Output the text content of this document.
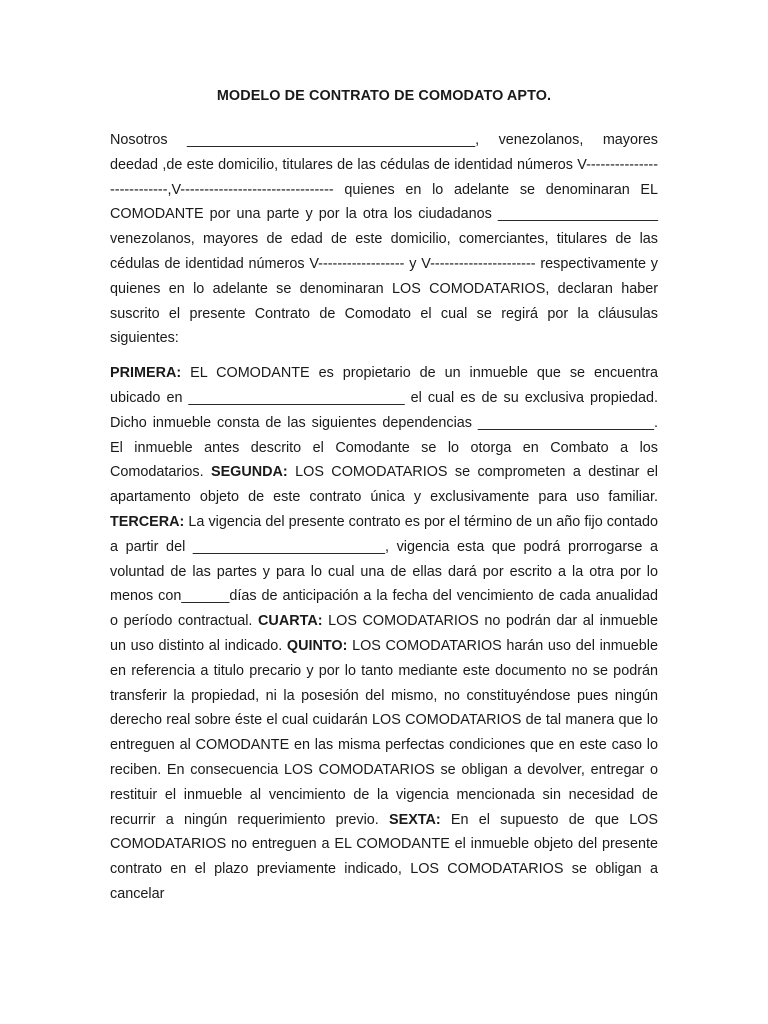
MODELO DE CONTRATO DE COMODATO APTO.

Nosotros ____________________________________, venezolanos, mayores deedad ,de este domicilio, titulares de las cédulas de identidad números V---------------------------,V-------------------------------- quienes en lo adelante se denominaran EL COMODANTE por una parte y por la otra los ciudadanos ____________________ venezolanos, mayores de edad de este domicilio, comerciantes, titulares de las cédulas de identidad números V------------------ y V---------------------- respectivamente y quienes en lo adelante se denominaran LOS COMODATARIOS, declaran haber suscrito el presente Contrato de Comodato el cual se regirá por la cláusulas siguientes:

PRIMERA: EL COMODANTE es propietario de un inmueble que se encuentra ubicado en ___________________________ el cual es de su exclusiva propiedad. Dicho inmueble consta de las siguientes dependencias ______________________. El inmueble antes descrito el Comodante se lo otorga en Combato a los Comodatarios. SEGUNDA: LOS COMODATARIOS se comprometen a destinar el apartamento objeto de este contrato única y exclusivamente para uso familiar. TERCERA: La vigencia del presente contrato es por el término de un año fijo contado a partir del ________________________, vigencia esta que podrá prorrogarse a voluntad de las partes y para lo cual una de ellas dará por escrito a la otra por lo menos con______días de anticipación a la fecha del vencimiento de cada anualidad o período contractual. CUARTA: LOS COMODATARIOS no podrán dar al inmueble un uso distinto al indicado. QUINTO: LOS COMODATARIOS harán uso del inmueble en referencia a titulo precario y por lo tanto mediante este documento no se podrán transferir la propiedad, ni la posesión del mismo, no constituyéndose pues ningún derecho real sobre éste el cual cuidarán LOS COMODATARIOS de tal manera que lo entreguen al COMODANTE en las misma perfectas condiciones que en este caso lo reciben. En consecuencia LOS COMODATARIOS se obligan a devolver, entregar o restituir el inmueble al vencimiento de la vigencia mencionada sin necesidad de recurrir a ningún requerimiento previo. SEXTA: En el supuesto de que LOS COMODATARIOS no entreguen a EL COMODANTE el inmueble objeto del presente contrato en el plazo previamente indicado, LOS COMODATARIOS se obligan a cancelar
